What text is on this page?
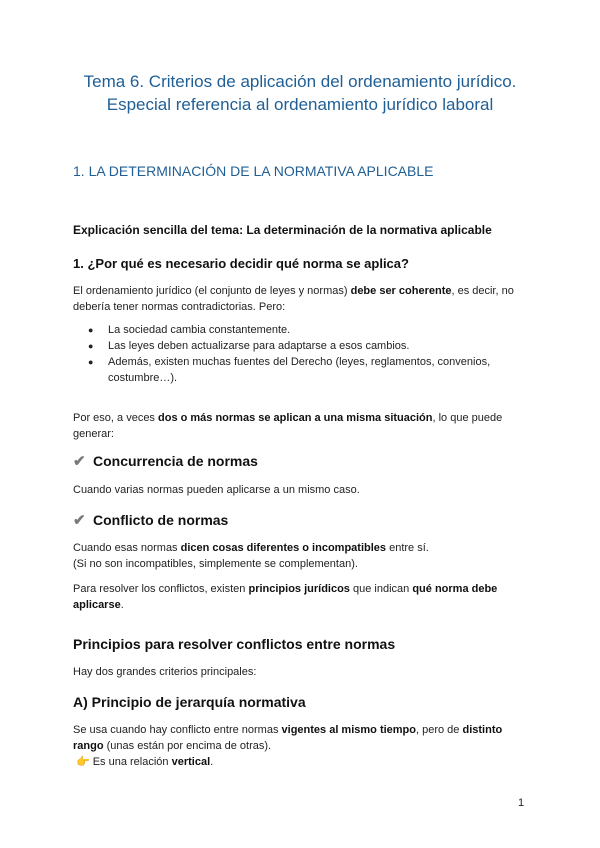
Tema 6. Criterios de aplicación del ordenamiento jurídico. Especial referencia al ordenamiento jurídico laboral
1. LA DETERMINACIÓN DE LA NORMATIVA APLICABLE
Explicación sencilla del tema: La determinación de la normativa aplicable
1. ¿Por qué es necesario decidir qué norma se aplica?
El ordenamiento jurídico (el conjunto de leyes y normas) debe ser coherente, es decir, no debería tener normas contradictorias. Pero:
● La sociedad cambia constantemente.
● Las leyes deben actualizarse para adaptarse a esos cambios.
● Además, existen muchas fuentes del Derecho (leyes, reglamentos, convenios, costumbre…).
Por eso, a veces dos o más normas se aplican a una misma situación, lo que puede generar:
✔ Concurrencia de normas
Cuando varias normas pueden aplicarse a un mismo caso.
✔ Conflicto de normas
Cuando esas normas dicen cosas diferentes o incompatibles entre sí.
(Si no son incompatibles, simplemente se complementan).
Para resolver los conflictos, existen principios jurídicos que indican qué norma debe aplicarse.
Principios para resolver conflictos entre normas
Hay dos grandes criterios principales:
A) Principio de jerarquía normativa
Se usa cuando hay conflicto entre normas vigentes al mismo tiempo, pero de distinto rango (unas están por encima de otras).
👉 Es una relación vertical.
1
